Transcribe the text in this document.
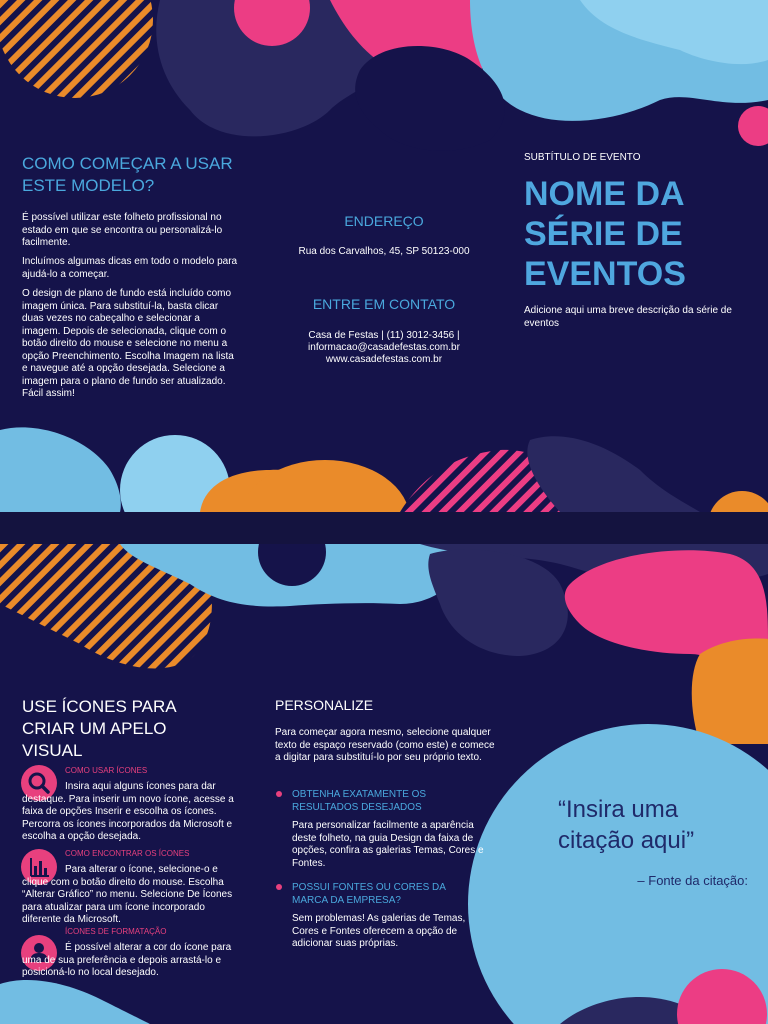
COMO COMEÇAR A USAR ESTE MODELO?

É possível utilizar este folheto profissional no estado em que se encontra ou personalizá-lo facilmente.

Incluímos algumas dicas em todo o modelo para ajudá-lo a começar.

O design de plano de fundo está incluído como imagem única. Para substituí-la, basta clicar duas vezes no cabeçalho e selecionar a imagem. Depois de selecionada, clique com o botão direito do mouse e selecione no menu a opção Preenchimento. Escolha Imagem na lista e navegue até a opção desejada. Selecione a imagem para o plano de fundo ser atualizado. Fácil assim!

ENDEREÇO

Rua dos Carvalhos, 45, SP 50123-000

ENTRE EM CONTATO

Casa de Festas | (11) 3012-3456 |

informacao@casadefestas.com.br

www.casadefestas.com.br

SUBTÍTULO DE EVENTO

NOME DA SÉRIE DE EVENTOS

Adicione aqui uma breve descrição da série de eventos

USE ÍCONES PARA CRIAR UM APELO VISUAL

COMO USAR ÍCONES

Insira aqui alguns ícones para dar destaque. Para inserir um novo ícone, acesse a faixa de opções Inserir e escolha os ícones. Percorra os ícones incorporados da Microsoft e escolha a opção desejada.

COMO ENCONTRAR OS ÍCONES

Para alterar o ícone, selecione-o e clique com o botão direito do mouse. Escolha “Alterar Gráfico” no menu. Selecione De Ícones para atualizar para um ícone incorporado diferente da Microsoft.

ÍCONES DE FORMATAÇÃO

É possível alterar a cor do ícone para uma de sua preferência e depois arrastá-lo e posicioná-lo no local desejado.

PERSONALIZE

Para começar agora mesmo, selecione qualquer texto de espaço reservado (como este) e comece a digitar para substituí-lo por seu próprio texto.

OBTENHA EXATAMENTE OS RESULTADOS DESEJADOS

Para personalizar facilmente a aparência deste folheto, na guia Design da faixa de opções, confira as galerias Temas, Cores e Fontes.

POSSUI FONTES OU CORES DA MARCA DA EMPRESA?

Sem problemas! As galerias de Temas, Cores e Fontes oferecem a opção de adicionar suas próprias.

“Insira uma citação aqui”

– Fonte da citação:
